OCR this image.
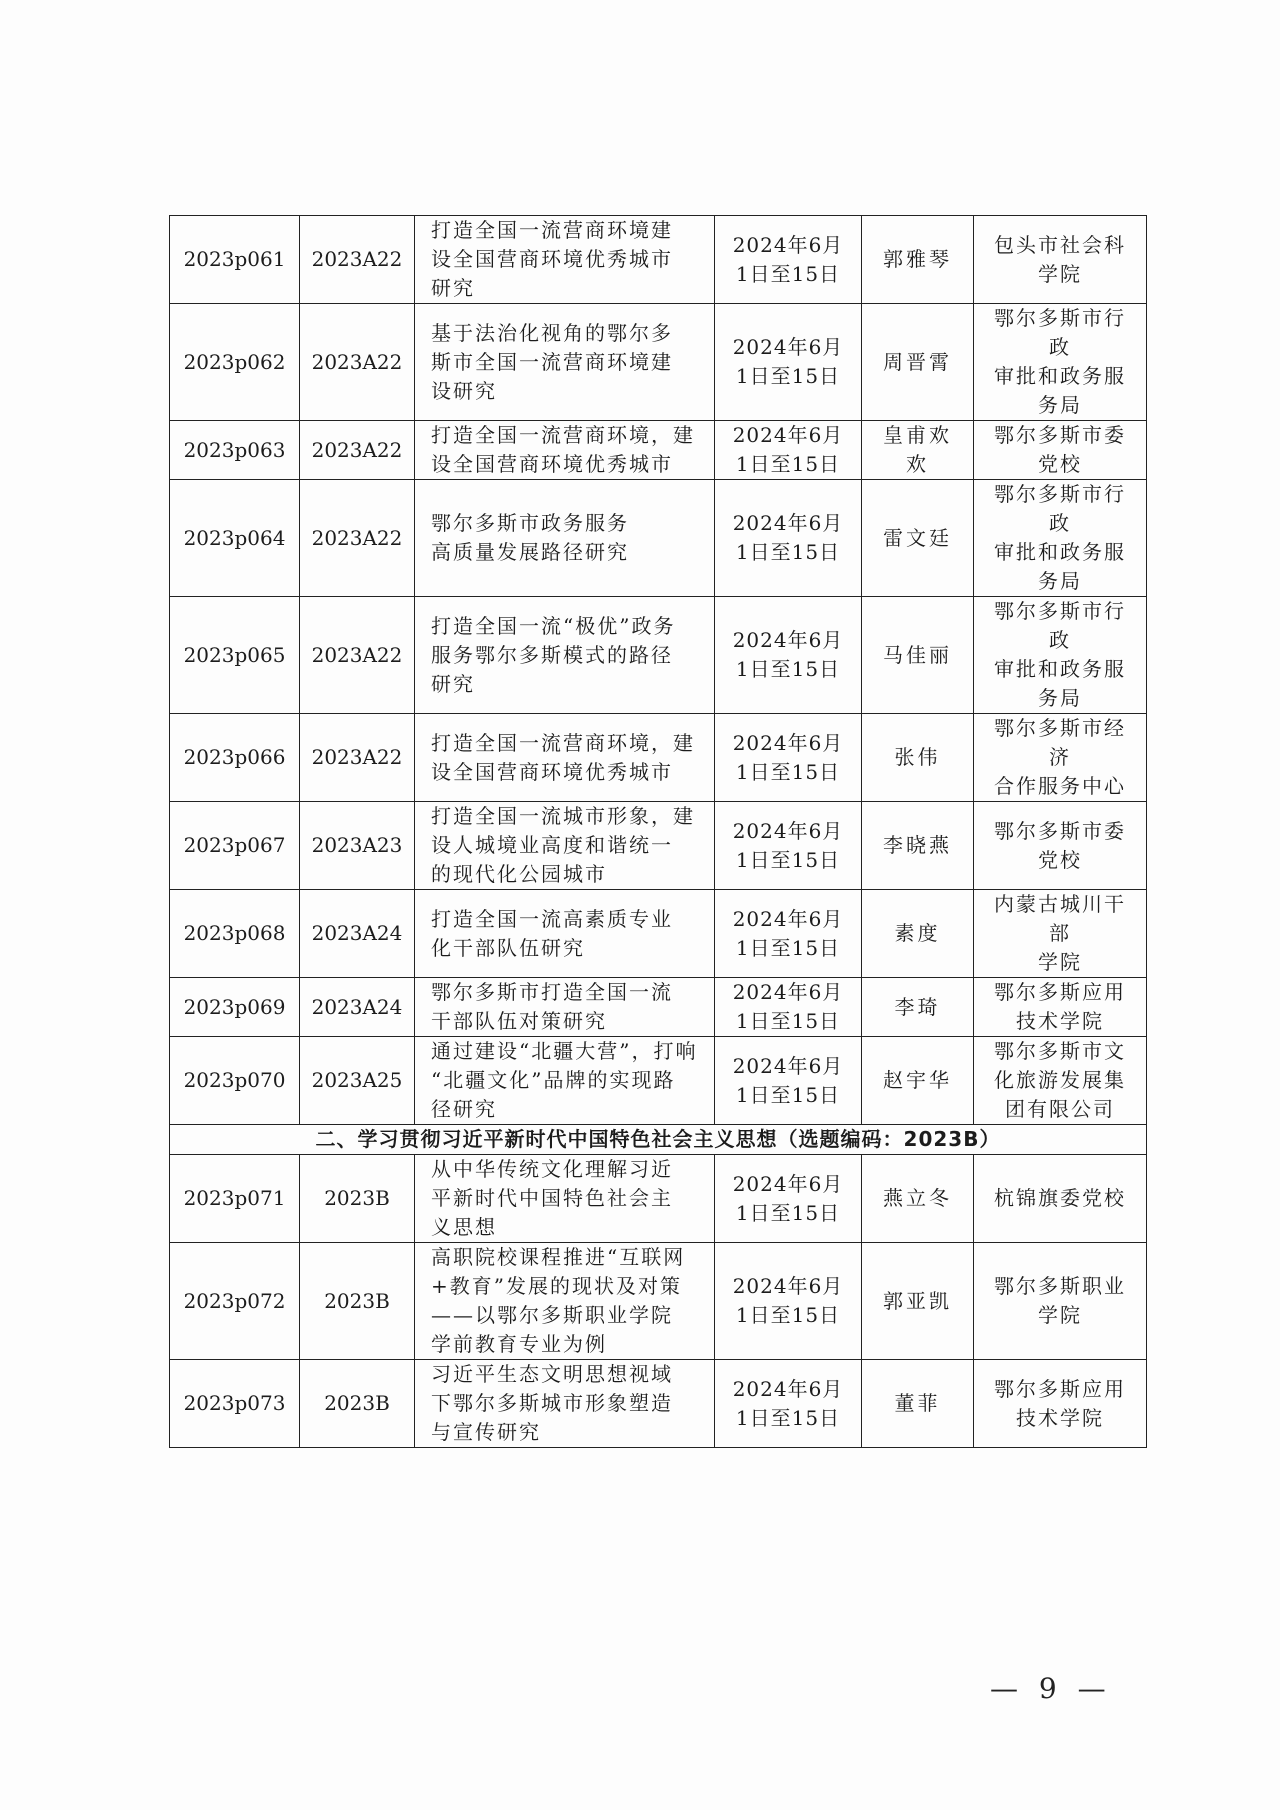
2023p061	2023A22	打造全国一流营商环境建
设全国营商环境优秀城市
研究	2024年6月
1日至15日	郭雅琴	包头市社会科
学院

2023p062	2023A22	基于法治化视角的鄂尔多
斯市全国一流营商环境建
设研究	2024年6月
1日至15日	周晋霄	鄂尔多斯市行
政
审批和政务服
务局

2023p063	2023A22	打造全国一流营商环境，建
设全国营商环境优秀城市	2024年6月
1日至15日	皇甫欢
欢	鄂尔多斯市委
党校

2023p064	2023A22	鄂尔多斯市政务服务
高质量发展路径研究	2024年6月
1日至15日	雷文廷	鄂尔多斯市行
政
审批和政务服
务局

2023p065	2023A22	打造全国一流“极优”政务
服务鄂尔多斯模式的路径
研究	2024年6月
1日至15日	马佳丽	鄂尔多斯市行
政
审批和政务服
务局

2023p066	2023A22	打造全国一流营商环境，建
设全国营商环境优秀城市	2024年6月
1日至15日	张伟	鄂尔多斯市经
济
合作服务中心

2023p067	2023A23	打造全国一流城市形象，建
设人城境业高度和谐统一
的现代化公园城市	2024年6月
1日至15日	李晓燕	鄂尔多斯市委
党校

2023p068	2023A24	打造全国一流高素质专业
化干部队伍研究	2024年6月
1日至15日	素度	内蒙古城川干
部
学院

2023p069	2023A24	鄂尔多斯市打造全国一流
干部队伍对策研究	2024年6月
1日至15日	李琦	鄂尔多斯应用
技术学院

2023p070	2023A25	通过建设“北疆大营”，打响
“北疆文化”品牌的实现路
径研究	2024年6月
1日至15日	赵宇华	鄂尔多斯市文
化旅游发展集
团有限公司

二、学习贯彻习近平新时代中国特色社会主义思想（选题编码：2023B）					
2023p071	2023B	从中华传统文化理解习近
平新时代中国特色社会主
义思想	2024年6月
1日至15日	燕立冬	杭锦旗委党校

2023p072	2023B	高职院校课程推进“互联网
+教育”发展的现状及对策
——以鄂尔多斯职业学院
学前教育专业为例	2024年6月
1日至15日	郭亚凯	鄂尔多斯职业
学院

2023p073	2023B	习近平生态文明思想视域
下鄂尔多斯城市形象塑造
与宣传研究	2024年6月
1日至15日	董菲	鄂尔多斯应用
技术学院
— 9 —
